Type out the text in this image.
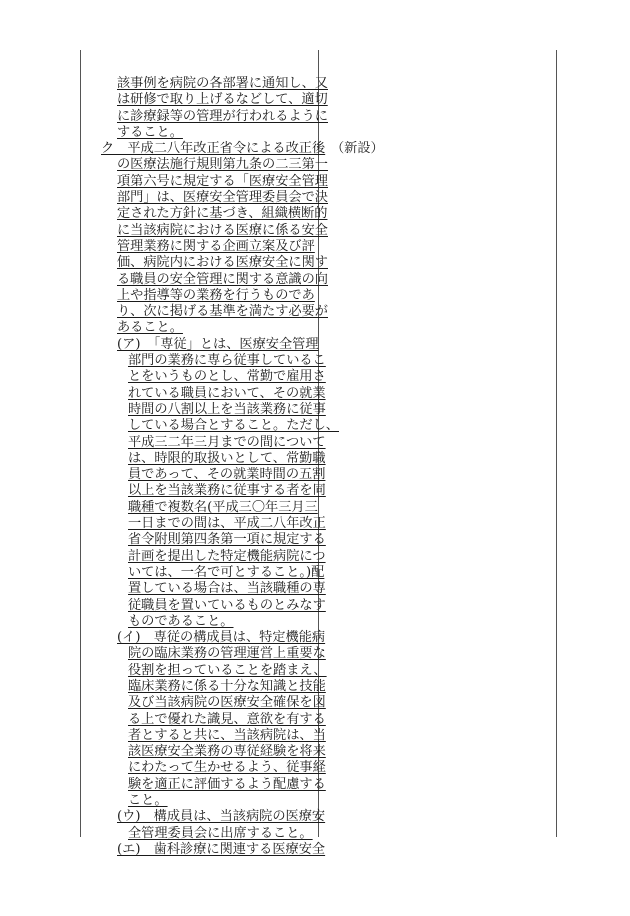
該事例を病院の各部署に通知し、又
は研修で取り上げるなどして、適切
に診療録等の管理が行われるように
すること。
ク　平成二八年改正省令による改正後
の医療法施行規則第九条の二三第一
項第六号に規定する「医療安全管理
部門」は、医療安全管理委員会で決
定された方針に基づき、組織横断的
に当該病院における医療に係る安全
管理業務に関する企画立案及び評
価、病院内における医療安全に関す
る職員の安全管理に関する意識の向
上や指導等の業務を行うものであ
り、次に掲げる基準を満たす必要が
あること。
(ア)　「専従」とは、医療安全管理
部門の業務に専ら従事しているこ
とをいうものとし、常勤で雇用さ
れている職員において、その就業
時間の八割以上を当該業務に従事
している場合とすること。ただし、
平成三二年三月までの間について
は、時限的取扱いとして、常勤職
員であって、その就業時間の五割
以上を当該業務に従事する者を同
職種で複数名(平成三〇年三月三
一日までの間は、平成二八年改正
省令附則第四条第一項に規定する
計画を提出した特定機能病院につ
いては、一名で可とすること。)配
置している場合は、当該職種の専
従職員を置いているものとみなす
ものであること。
(イ)　専従の構成員は、特定機能病
院の臨床業務の管理運営上重要な
役割を担っていることを踏まえ、
臨床業務に係る十分な知識と技能
及び当該病院の医療安全確保を図
る上で優れた識見、意欲を有する
者とすると共に、当該病院は、当
該医療安全業務の専従経験を将来
にわたって生かせるよう、従事経
験を適正に評価するよう配慮する
こと。
(ウ)　構成員は、当該病院の医療安
全管理委員会に出席すること。
(エ)　歯科診療に関連する医療安全
（新設）
